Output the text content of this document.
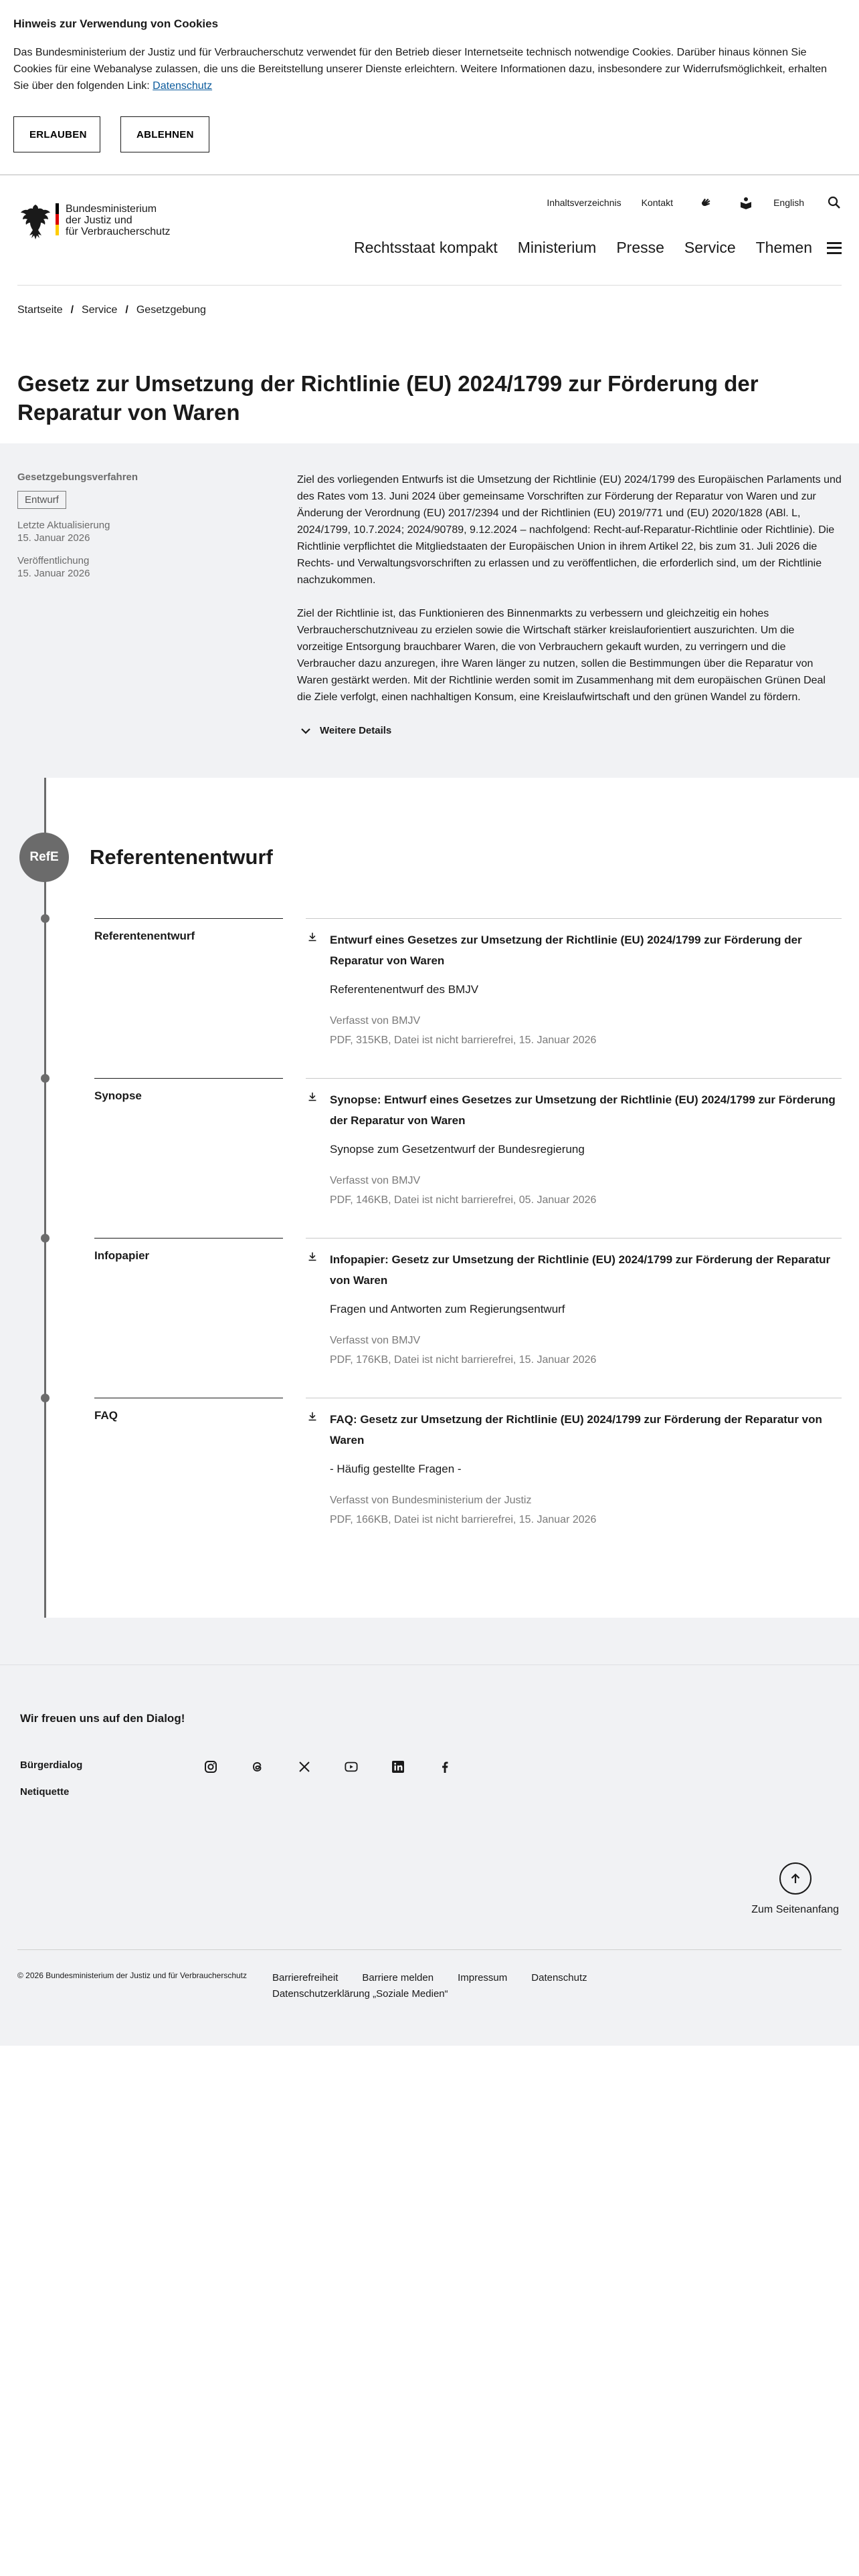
Hinweis zur Verwendung von Cookies

Das Bundesministerium der Justiz und für Verbraucherschutz verwendet für den Betrieb dieser Internetseite technisch notwendige Cookies. Darüber hinaus können Sie Cookies für eine Webanalyse zulassen, die uns die Bereitstellung unserer Dienste erleichtern. Weitere Informationen dazu, insbesondere zur Widerrufsmöglichkeit, erhalten Sie über den folgenden Link: Datenschutz

ERLAUBEN	ABLEHNEN
Bundesministerium
der Justiz und
für Verbraucherschutz
Inhaltsverzeichnis Kontakt	English
Rechtsstaat kompakt Ministerium Presse Service Themen
Startseite / Service / Gesetzgebung
Gesetz zur Umsetzung der Richtlinie (EU) 2024/1799 zur Förderung der Reparatur von Waren
Gesetzgebungsverfahren
Entwurf
Letzte Aktualisierung
15. Januar 2026
Veröffentlichung
15. Januar 2026

Ziel des vorliegenden Entwurfs ist die Umsetzung der Richtlinie (EU) 2024/1799 des Europäischen Parlaments und des Rates vom 13. Juni 2024 über gemeinsame Vorschriften zur Förderung der Reparatur von Waren und zur Änderung der Verordnung (EU) 2017/2394 und der Richtlinien (EU) 2019/771 und (EU) 2020/1828 (ABl. L, 2024/1799, 10.7.2024; 2024/90789, 9.12.2024 – nachfolgend: Recht-auf-Reparatur-Richtlinie oder Richtlinie). Die Richtlinie verpflichtet die Mitgliedstaaten der Europäischen Union in ihrem Artikel 22, bis zum 31. Juli 2026 die Rechts- und Verwaltungsvorschriften zu erlassen und zu veröffentlichen, die erforderlich sind, um der Richtlinie nachzukommen.

Ziel der Richtlinie ist, das Funktionieren des Binnenmarkts zu verbessern und gleichzeitig ein hohes Verbraucherschutzniveau zu erzielen sowie die Wirtschaft stärker kreislauforientiert auszurichten. Um die vorzeitige Entsorgung brauchbarer Waren, die von Verbrauchern gekauft wurden, zu verringern und die Verbraucher dazu anzuregen, ihre Waren länger zu nutzen, sollen die Bestimmungen über die Reparatur von Waren gestärkt werden. Mit der Richtlinie werden somit im Zusammenhang mit dem europäischen Grünen Deal die Ziele verfolgt, einen nachhaltigen Konsum, eine Kreislaufwirtschaft und den grünen Wandel zu fördern.

Weitere Details
RefE	Referentenentwurf
Referentenentwurf	Entwurf eines Gesetzes zur Umsetzung der Richtlinie (EU) 2024/1799 zur Förderung der Reparatur von Waren
Referentenentwurf des BMJV
Verfasst von BMJV
PDF, 315KB, Datei ist nicht barrierefrei, 15. Januar 2026
Synopse	Synopse: Entwurf eines Gesetzes zur Umsetzung der Richtlinie (EU) 2024/1799 zur Förderung der Reparatur von Waren
Synopse zum Gesetzentwurf der Bundesregierung
Verfasst von BMJV
PDF, 146KB, Datei ist nicht barrierefrei, 05. Januar 2026
Infopapier	Infopapier: Gesetz zur Umsetzung der Richtlinie (EU) 2024/1799 zur Förderung der Reparatur von Waren
Fragen und Antworten zum Regierungsentwurf
Verfasst von BMJV
PDF, 176KB, Datei ist nicht barrierefrei, 15. Januar 2026
FAQ	FAQ: Gesetz zur Umsetzung der Richtlinie (EU) 2024/1799 zur Förderung der Reparatur von Waren
- Häufig gestellte Fragen -
Verfasst von Bundesministerium der Justiz
PDF, 166KB, Datei ist nicht barrierefrei, 15. Januar 2026
Wir freuen uns auf den Dialog!
Bürgerdialog
Netiquette
Zum Seitenanfang
© 2026 Bundesministerium der Justiz und für Verbraucherschutz	Barrierefreiheit Barriere melden Impressum DatenschutzDatenschutzerklärung „Soziale Medien“
